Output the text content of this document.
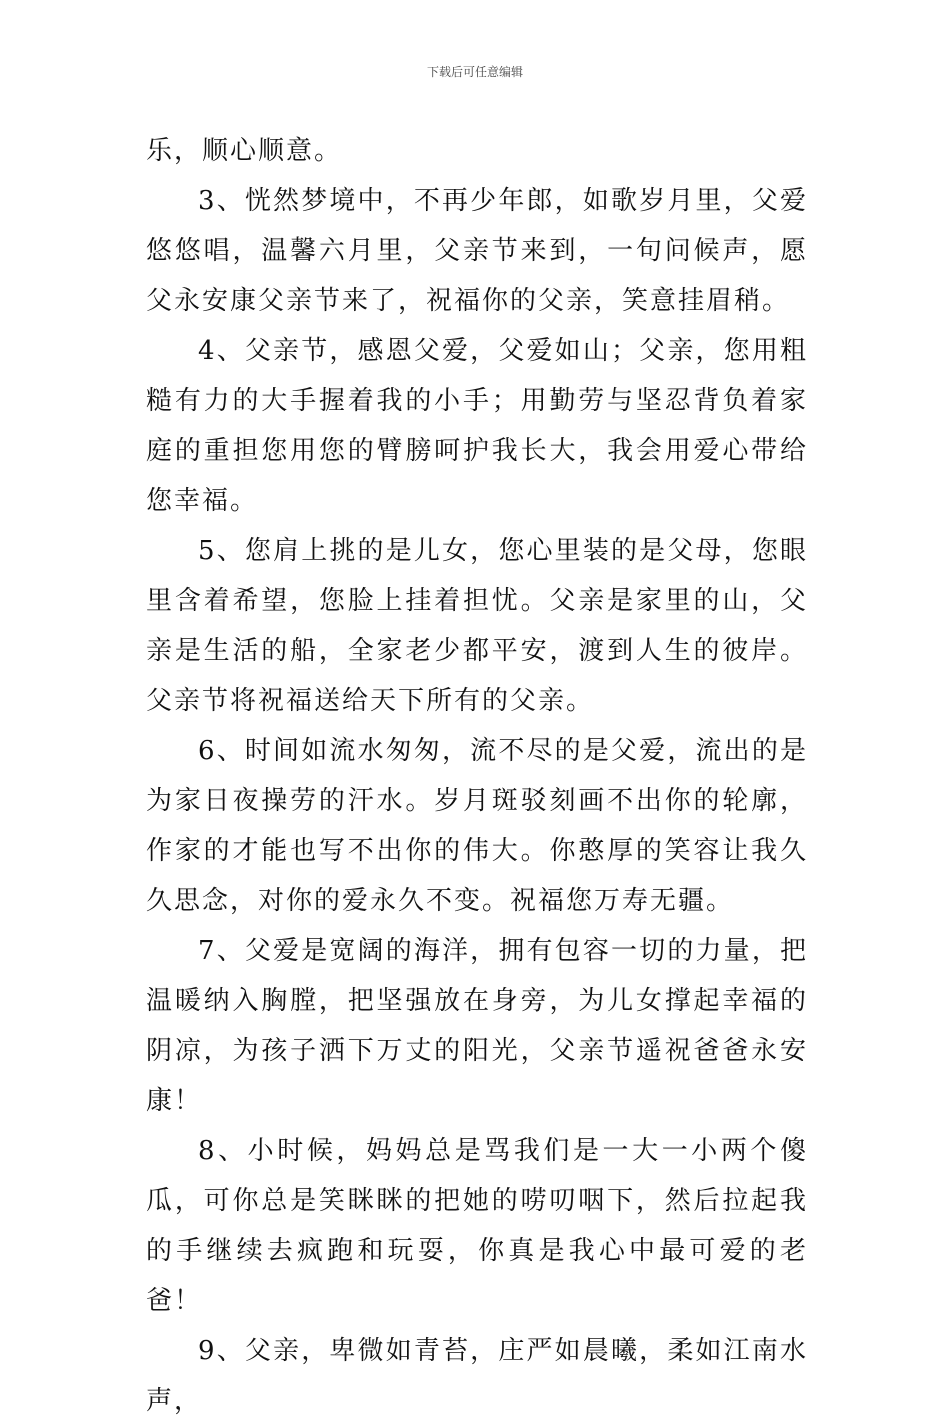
下载后可任意编辑

乐，顺心顺意。

3、恍然梦境中，不再少年郎，如歌岁月里，父爱悠悠唱，温馨六月里，父亲节来到，一句问候声，愿父永安康父亲节来了，祝福你的父亲，笑意挂眉稍。

4、父亲节，感恩父爱，父爱如山；父亲，您用粗糙有力的大手握着我的小手；用勤劳与坚忍背负着家庭的重担您用您的臂膀呵护我长大，我会用爱心带给您幸福。

5、您肩上挑的是儿女，您心里装的是父母，您眼里含着希望，您脸上挂着担忧。父亲是家里的山，父亲是生活的船，全家老少都平安，渡到人生的彼岸。父亲节将祝福送给天下所有的父亲。

6、时间如流水匆匆，流不尽的是父爱，流出的是为家日夜操劳的汗水。岁月斑驳刻画不出你的轮廓，作家的才能也写不出你的伟大。你憨厚的笑容让我久久思念，对你的爱永久不变。祝福您万寿无疆。

7、父爱是宽阔的海洋，拥有包容一切的力量，把温暖纳入胸膛，把坚强放在身旁，为儿女撑起幸福的阴凉，为孩子洒下万丈的阳光，父亲节遥祝爸爸永安康！

8、小时候，妈妈总是骂我们是一大一小两个傻瓜，可你总是笑眯眯的把她的唠叨咽下，然后拉起我的手继续去疯跑和玩耍，你真是我心中最可爱的老爸！

9、父亲，卑微如青苔，庄严如晨曦，柔如江南水声，
